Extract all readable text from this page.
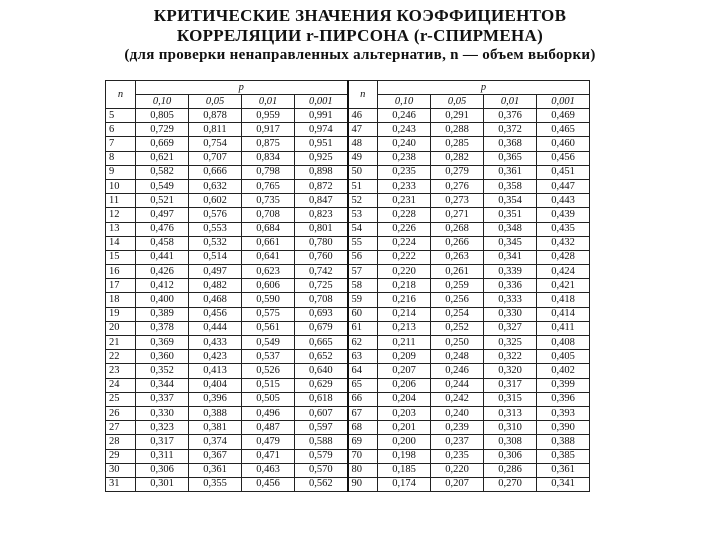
КРИТИЧЕСКИЕ ЗНАЧЕНИЯ КОЭФФИЦИЕНТОВ
КОРРЕЛЯЦИИ r-ПИРСОНА (r-СПИРМЕНА)
(для проверки ненаправленных альтернатив, n — объем выборки)
n	p				n	p			
	0,10	0,05	0,01	0,001		0,10	0,05	0,01	0,001
5	0,805	0,878	0,959	0,991	46	0,246	0,291	0,376	0,469
6	0,729	0,811	0,917	0,974	47	0,243	0,288	0,372	0,465
7	0,669	0,754	0,875	0,951	48	0,240	0,285	0,368	0,460
8	0,621	0,707	0,834	0,925	49	0,238	0,282	0,365	0,456
9	0,582	0,666	0,798	0,898	50	0,235	0,279	0,361	0,451
10	0,549	0,632	0,765	0,872	51	0,233	0,276	0,358	0,447
11	0,521	0,602	0,735	0,847	52	0,231	0,273	0,354	0,443
12	0,497	0,576	0,708	0,823	53	0,228	0,271	0,351	0,439
13	0,476	0,553	0,684	0,801	54	0,226	0,268	0,348	0,435
14	0,458	0,532	0,661	0,780	55	0,224	0,266	0,345	0,432
15	0,441	0,514	0,641	0,760	56	0,222	0,263	0,341	0,428
16	0,426	0,497	0,623	0,742	57	0,220	0,261	0,339	0,424
17	0,412	0,482	0,606	0,725	58	0,218	0,259	0,336	0,421
18	0,400	0,468	0,590	0,708	59	0,216	0,256	0,333	0,418
19	0,389	0,456	0,575	0,693	60	0,214	0,254	0,330	0,414
20	0,378	0,444	0,561	0,679	61	0,213	0,252	0,327	0,411
21	0,369	0,433	0,549	0,665	62	0,211	0,250	0,325	0,408
22	0,360	0,423	0,537	0,652	63	0,209	0,248	0,322	0,405
23	0,352	0,413	0,526	0,640	64	0,207	0,246	0,320	0,402
24	0,344	0,404	0,515	0,629	65	0,206	0,244	0,317	0,399
25	0,337	0,396	0,505	0,618	66	0,204	0,242	0,315	0,396
26	0,330	0,388	0,496	0,607	67	0,203	0,240	0,313	0,393
27	0,323	0,381	0,487	0,597	68	0,201	0,239	0,310	0,390
28	0,317	0,374	0,479	0,588	69	0,200	0,237	0,308	0,388
29	0,311	0,367	0,471	0,579	70	0,198	0,235	0,306	0,385
30	0,306	0,361	0,463	0,570	80	0,185	0,220	0,286	0,361
31	0,301	0,355	0,456	0,562	90	0,174	0,207	0,270	0,341
